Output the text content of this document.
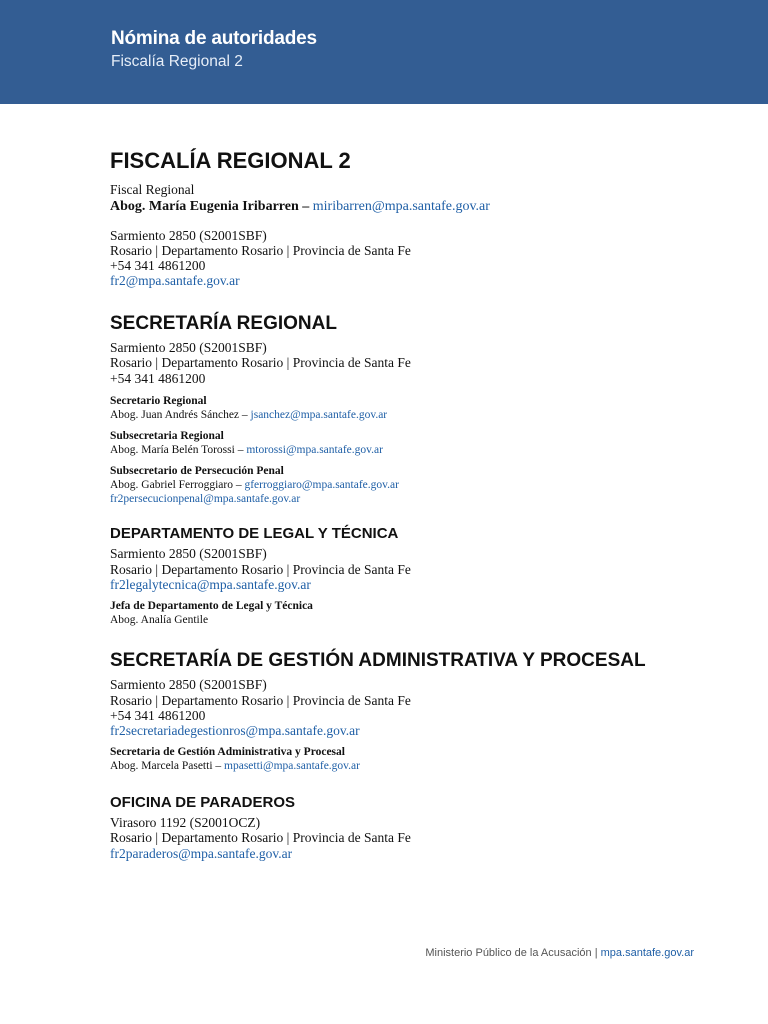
Nómina de autoridades
Fiscalía Regional 2
FISCALÍA REGIONAL 2
Fiscal Regional
Abog. María Eugenia Iribarren – miribarren@mpa.santafe.gov.ar
Sarmiento 2850 (S2001SBF)
Rosario | Departamento Rosario | Provincia de Santa Fe
+54 341 4861200
fr2@mpa.santafe.gov.ar
SECRETARÍA REGIONAL
Sarmiento 2850 (S2001SBF)
Rosario | Departamento Rosario | Provincia de Santa Fe
+54 341 4861200
Secretario Regional
Abog. Juan Andrés Sánchez – jsanchez@mpa.santafe.gov.ar
Subsecretaria Regional
Abog. María Belén Torossi – mtorossi@mpa.santafe.gov.ar
Subsecretario de Persecución Penal
Abog. Gabriel Ferroggiaro – gferroggiaro@mpa.santafe.gov.ar
fr2persecucionpenal@mpa.santafe.gov.ar
DEPARTAMENTO DE LEGAL Y TÉCNICA
Sarmiento 2850 (S2001SBF)
Rosario | Departamento Rosario | Provincia de Santa Fe
fr2legalytecnica@mpa.santafe.gov.ar
Jefa de Departamento de Legal y Técnica
Abog. Analía Gentile
SECRETARÍA DE GESTIÓN ADMINISTRATIVA Y PROCESAL
Sarmiento 2850 (S2001SBF)
Rosario | Departamento Rosario | Provincia de Santa Fe
+54 341 4861200
fr2secretariadegestionros@mpa.santafe.gov.ar
Secretaria de Gestión Administrativa y Procesal
Abog. Marcela Pasetti – mpasetti@mpa.santafe.gov.ar
OFICINA DE PARADEROS
Virasoro 1192 (S2001OCZ)
Rosario | Departamento Rosario | Provincia de Santa Fe
fr2paraderos@mpa.santafe.gov.ar
Ministerio Público de la Acusación | mpa.santafe.gov.ar
